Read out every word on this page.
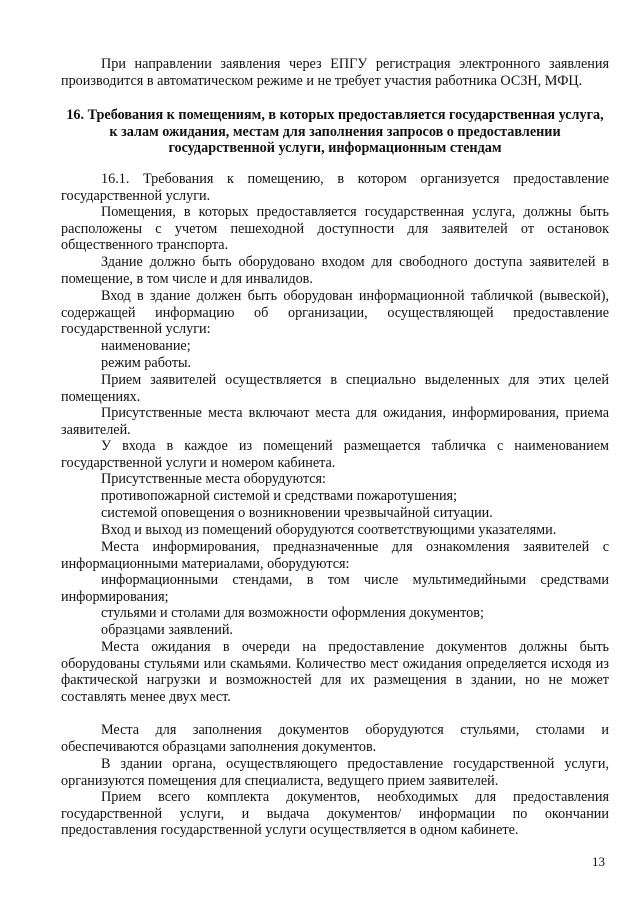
При направлении заявления через ЕПГУ регистрация электронного заявления производится в автоматическом режиме и не требует участия работника ОСЗН, МФЦ.

16. Требования к помещениям, в которых предоставляется государственная услуга, к залам ожидания, местам для заполнения запросов о предоставлении государственной услуги, информационным стендам

16.1. Требования к помещению, в котором организуется предоставление государственной услуги.

Помещения, в которых предоставляется государственная услуга, должны быть расположены с учетом пешеходной доступности для заявителей от остановок общественного транспорта.

Здание должно быть оборудовано входом для свободного доступа заявителей в помещение, в том числе и для инвалидов.

Вход в здание должен быть оборудован информационной табличкой (вывеской), содержащей информацию об организации, осуществляющей предоставление государственной услуги:

наименование;

режим работы.

Прием заявителей осуществляется в специально выделенных для этих целей помещениях.

Присутственные места включают места для ожидания, информирования, приема заявителей.

У входа в каждое из помещений размещается табличка с наименованием государственной услуги и номером кабинета.

Присутственные места оборудуются:

противопожарной системой и средствами пожаротушения;

системой оповещения о возникновении чрезвычайной ситуации.

Вход и выход из помещений оборудуются соответствующими указателями.

Места информирования, предназначенные для ознакомления заявителей с информационными материалами, оборудуются:

информационными стендами, в том числе мультимедийными средствами информирования;

стульями и столами для возможности оформления документов;

образцами заявлений.

Места ожидания в очереди на предоставление документов должны быть оборудованы стульями или скамьями. Количество мест ожидания определяется исходя из фактической нагрузки и возможностей для их размещения в здании, но не может составлять менее двух мест.

Места для заполнения документов оборудуются стульями, столами и обеспечиваются образцами заполнения документов.

В здании органа, осуществляющего предоставление государственной услуги, организуются помещения для специалиста, ведущего прием заявителей.

Прием всего комплекта документов, необходимых для предоставления государственной услуги, и выдача документов/ информации по окончании предоставления государственной услуги осуществляется в одном кабинете.

13
